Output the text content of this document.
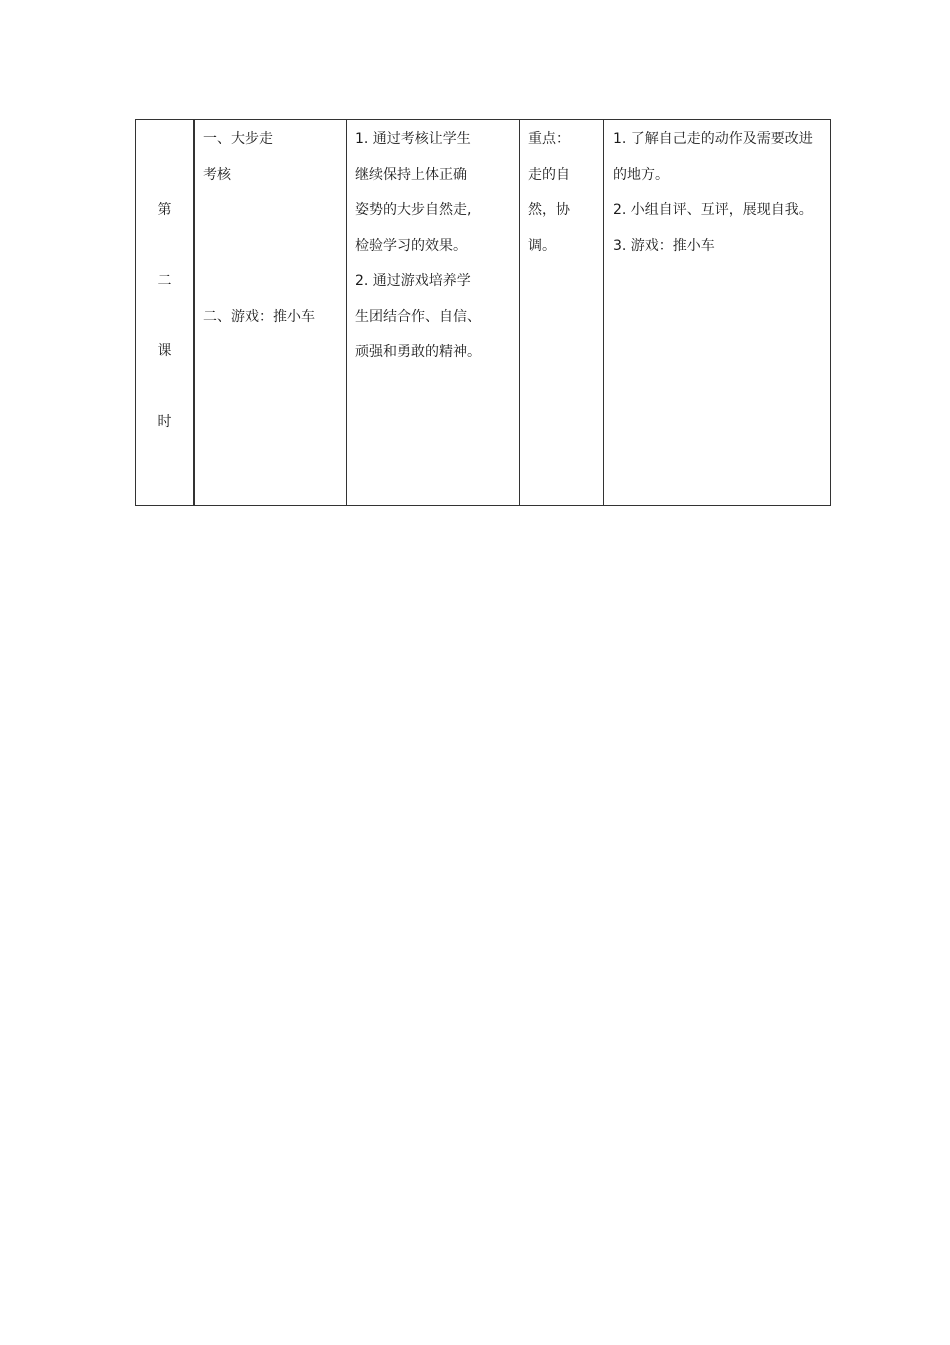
第
二
课
时

一、大步走
考核
二、游戏：推小车

1. 通过考核让学生
继续保持上体正确
姿势的大步自然走,
检验学习的效果。
2. 通过游戏培养学
生团结合作、自信、
顽强和勇敢的精神。

重点：
走的自
然，协
调。

1. 了解自己走的动作及需要改进
的地方。
2. 小组自评、互评，展现自我。
3. 游戏：推小车
